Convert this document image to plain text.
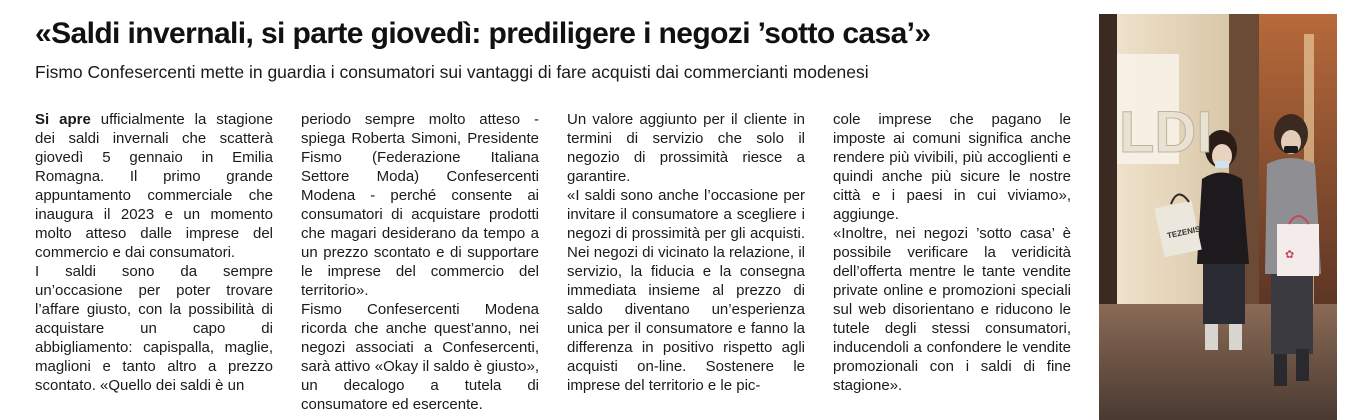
«Saldi invernali, si parte giovedì: prediligere i negozi ’sotto casa’»

Fismo Confesercenti mette in guardia i consumatori sui vantaggi di fare acquisti dai commercianti modenesi

Si apre ufficialmente la stagione dei saldi invernali che scatterà giovedì 5 gennaio in Emilia Romagna. Il primo grande appuntamento commerciale che inaugura il 2023 e un momento molto atteso dalle imprese del commercio e dai consumatori.

I saldi sono da sempre un’occasione per poter trovare l’affare giusto, con la possibilità di acquistare un capo di abbigliamento: capispalla, maglie, maglioni e tanto altro a prezzo scontato. «Quello dei saldi è un

periodo sempre molto atteso - spiega Roberta Simoni, Presidente Fismo (Federazione Italiana Settore Moda) Confesercenti Modena - perché consente ai consumatori di acquistare prodotti che magari desiderano da tempo a un prezzo scontato e di supportare le imprese del commercio del territorio».

Fismo Confesercenti Modena ricorda che anche quest’anno, nei negozi associati a Confesercenti, sarà attivo «Okay il saldo è giusto», un decalogo a tutela di consumatore ed esercente.

Un valore aggiunto per il cliente in termini di servizio che solo il negozio di prossimità riesce a garantire.

«I saldi sono anche l’occasione per invitare il consumatore a scegliere i negozi di prossimità per gli acquisti. Nei negozi di vicinato la relazione, il servizio, la fiducia e la consegna immediata insieme al prezzo di saldo diventano un’esperienza unica per il consumatore e fanno la differenza in positivo rispetto agli acquisti on-line. Sostenere le imprese del territorio e le pic-

cole imprese che pagano le imposte ai comuni significa anche rendere più vivibili, più accoglienti e quindi anche più sicure le nostre città e i paesi in cui viviamo», aggiunge.

«Inoltre, nei negozi ’sotto casa’ è possibile verificare la veridicità dell’offerta mentre le tante vendite private online e promozioni speciali sul web disorientano e riducono le tutele degli stessi consumatori, inducendoli a confondere le vendite promozionali con i saldi di fine stagione».

TEZENIS
✿
LDI
